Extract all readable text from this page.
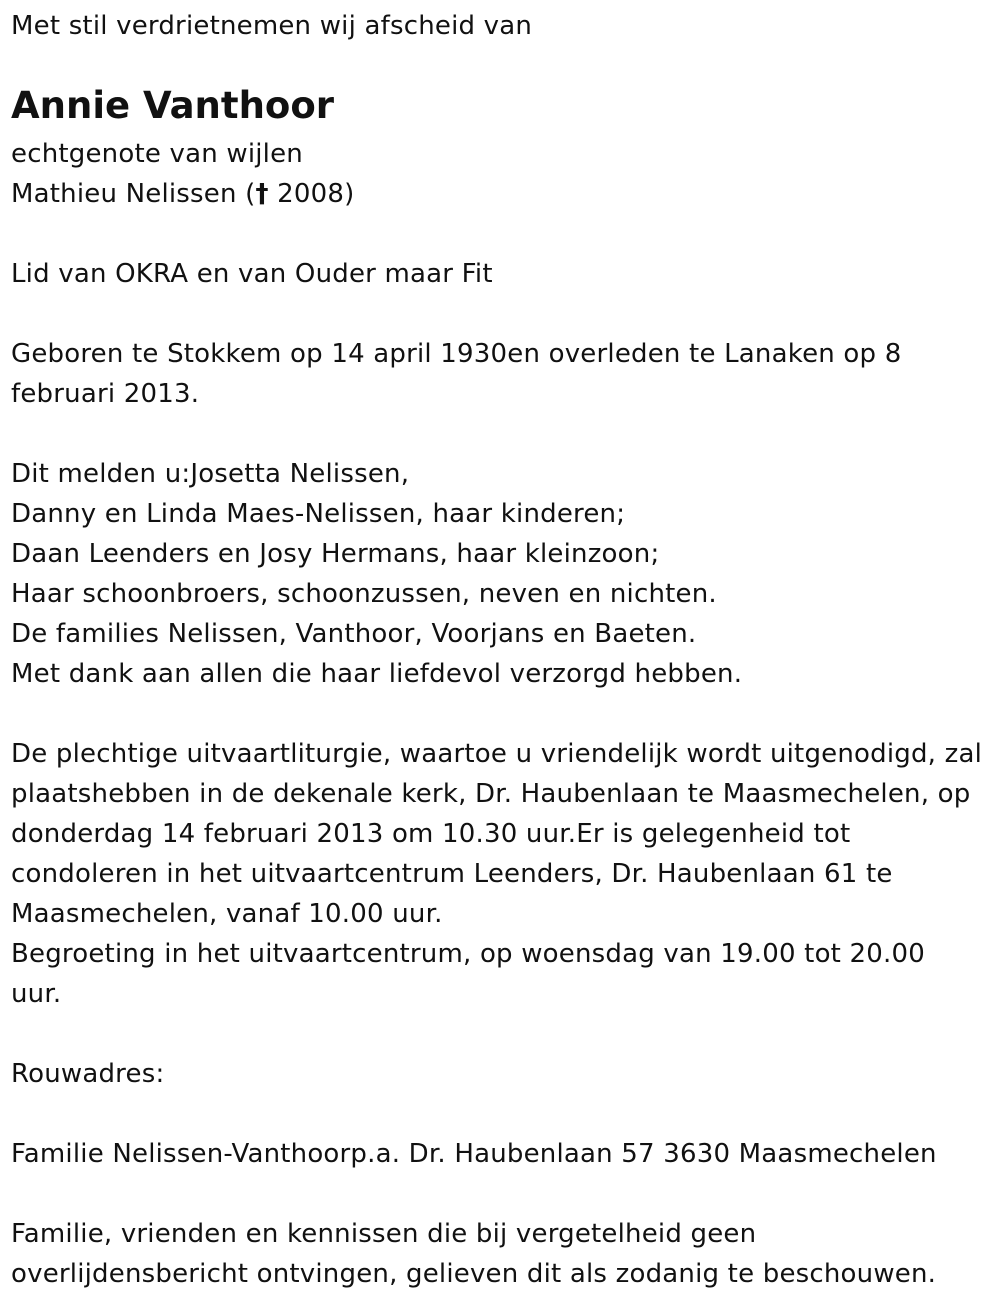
Met stil verdrietnemen wij afscheid van
Annie Vanthoor
echtgenote van wijlen
Mathieu Nelissen († 2008)
Lid van OKRA en van Ouder maar Fit
Geboren te Stokkem op 14 april 1930en overleden te Lanaken op 8
februari 2013.
Dit melden u:Josetta Nelissen,
Danny en Linda Maes-Nelissen, haar kinderen;
Daan Leenders en Josy Hermans, haar kleinzoon;
Haar schoonbroers, schoonzussen, neven en nichten.
De families Nelissen, Vanthoor, Voorjans en Baeten.
Met dank aan allen die haar liefdevol verzorgd hebben.
De plechtige uitvaartliturgie, waartoe u vriendelijk wordt uitgenodigd, zal
plaatshebben in de dekenale kerk, Dr. Haubenlaan te Maasmechelen, op
donderdag 14 februari 2013 om 10.30 uur.Er is gelegenheid tot
condoleren in het uitvaartcentrum Leenders, Dr. Haubenlaan 61 te
Maasmechelen, vanaf 10.00 uur.
Begroeting in het uitvaartcentrum, op woensdag van 19.00 tot 20.00
uur.
Rouwadres:
Familie Nelissen-Vanthoorp.a. Dr. Haubenlaan 57 3630 Maasmechelen
Familie, vrienden en kennissen die bij vergetelheid geen
overlijdensbericht ontvingen, gelieven dit als zodanig te beschouwen.
